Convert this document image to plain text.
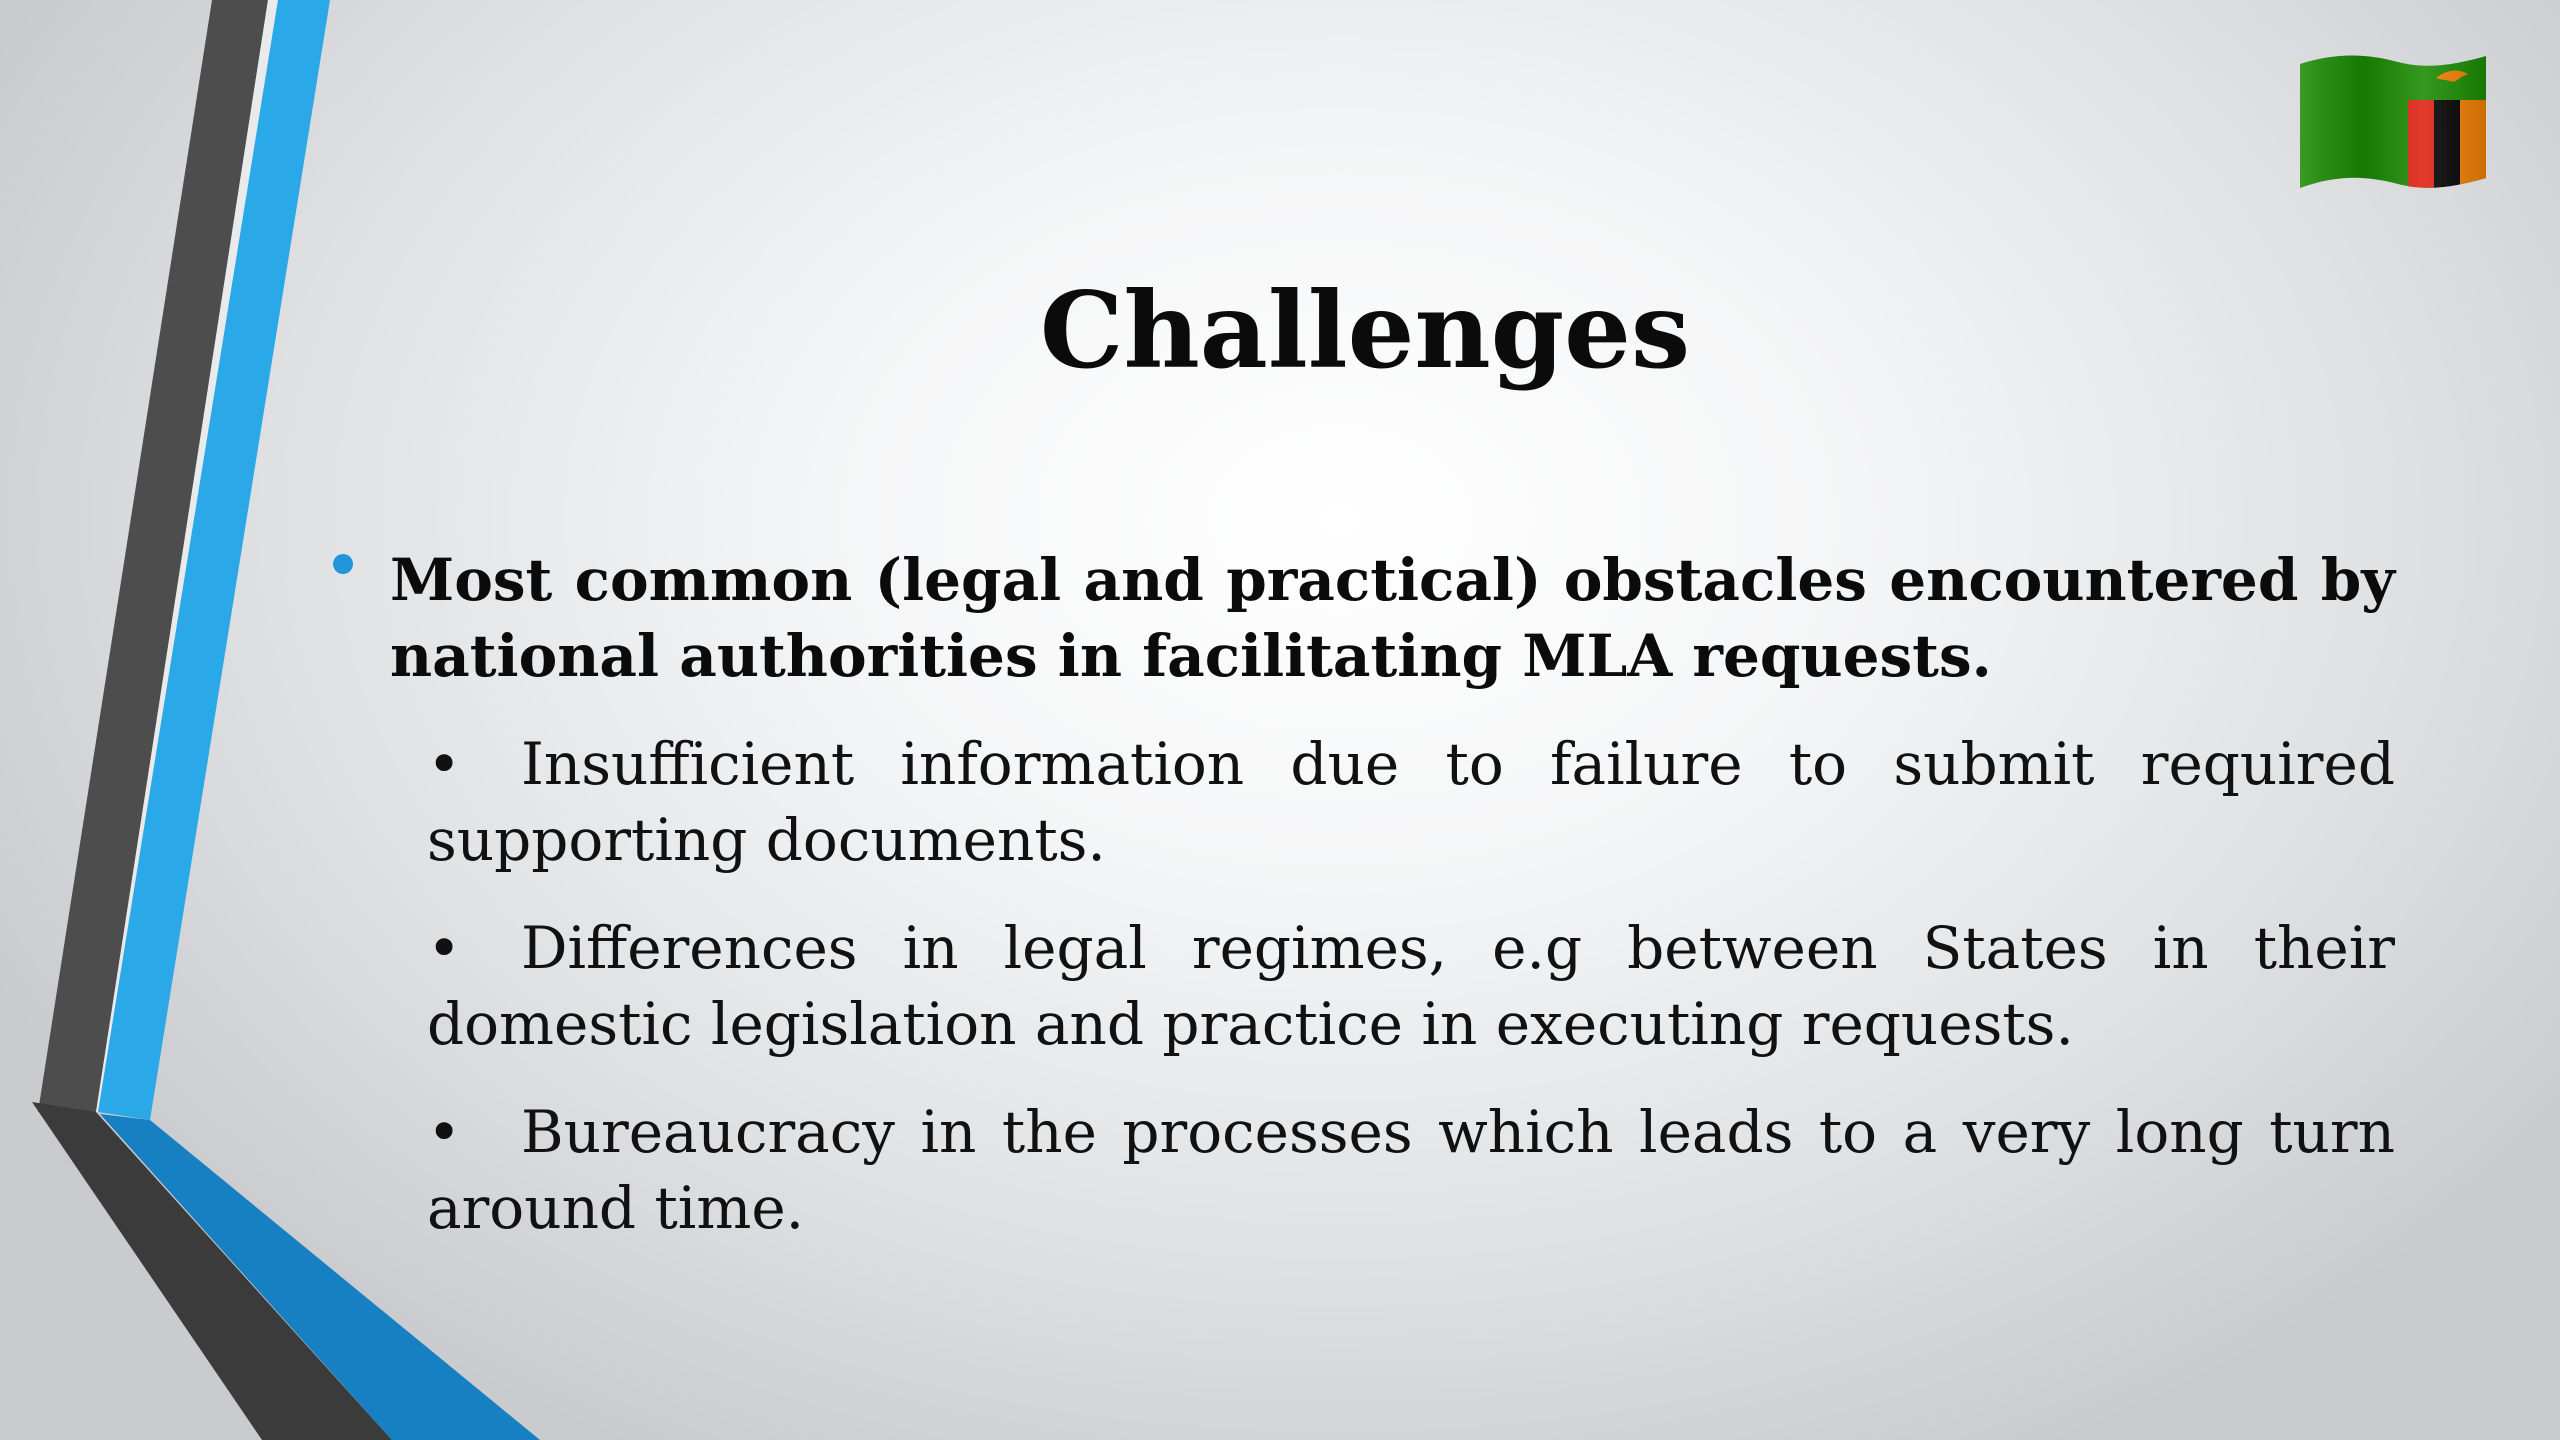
Challenges
Most common (legal and practical) obstacles encountered by national authorities in facilitating MLA requests.
• Insufficient information due to failure to submit required supporting documents.
• Differences in legal regimes, e.g between States in their domestic legislation and practice in executing requests.
• Bureaucracy in the processes which leads to a very long turn around time.
